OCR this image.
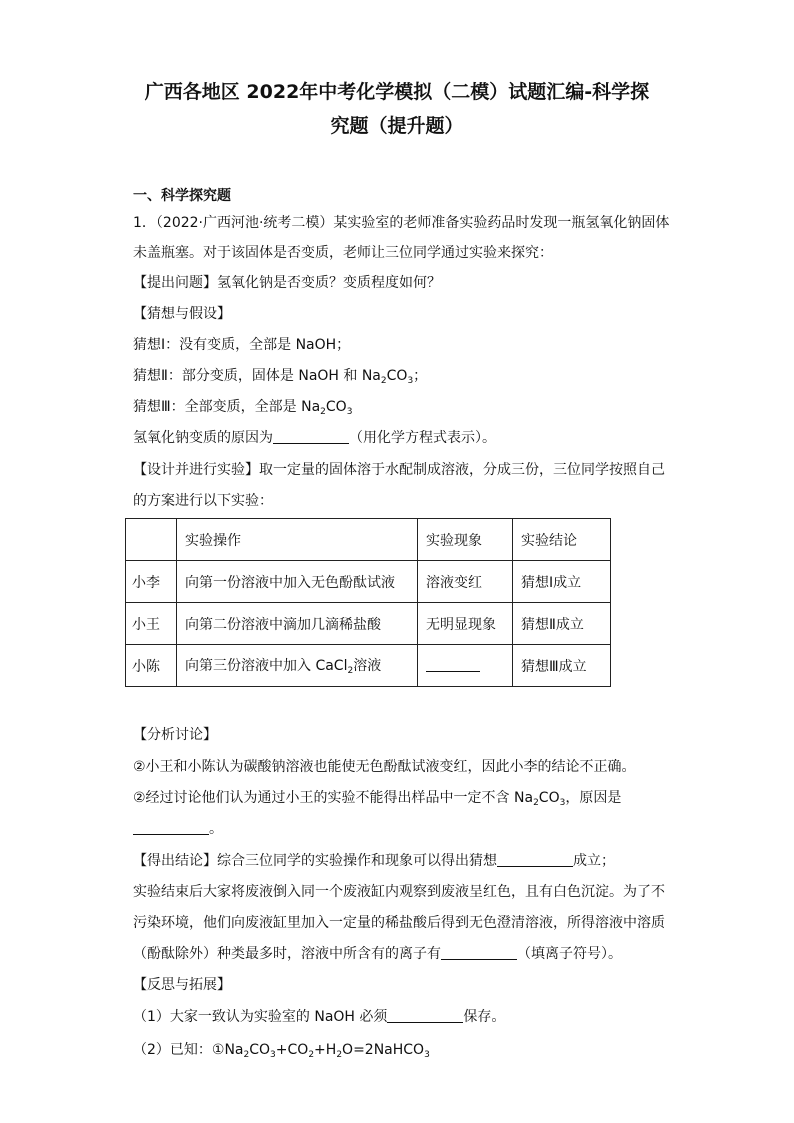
广西各地区 2022年中考化学模拟（二模）试题汇编-科学探
究题（提升题）
一、科学探究题
1．（2022·广西河池·统考二模）某实验室的老师准备实验药品时发现一瓶氢氧化钠固体
未盖瓶塞。对于该固体是否变质，老师让三位同学通过实验来探究：
【提出问题】氢氧化钠是否变质？变质程度如何？
【猜想与假设】
猜想Ⅰ：没有变质，全部是 NaOH；
猜想Ⅱ：部分变质，固体是 NaOH 和 $Na_2CO_3$；
猜想Ⅲ：全部变质，全部是 $Na_2CO_3$
氢氧化钠变质的原因为	（用化学方程式表示）。
【设计并进行实验】取一定量的固体溶于水配制成溶液，分成三份，三位同学按照自己
的方案进行以下实验：
	实验操作	实验现象	实验结论
小李	向第一份溶液中加入无色酚酞试液	溶液变红	猜想Ⅰ成立
小王	向第二份溶液中滴加几滴稀盐酸	无明显现象	猜想Ⅱ成立
小陈	向第三份溶液中加入 CaCl$_2$溶液		猜想Ⅲ成立
【分析讨论】
②小王和小陈认为碳酸钠溶液也能使无色酚酞试液变红，因此小李的结论不正确。
②经过讨论他们认为通过小王的实验不能得出样品中一定不含 $Na_2CO_3$，原因是
。
【得出结论】综合三位同学的实验操作和现象可以得出猜想	成立；
实验结束后大家将废液倒入同一个废液缸内观察到废液呈红色，且有白色沉淀。为了不
污染环境，他们向废液缸里加入一定量的稀盐酸后得到无色澄清溶液，所得溶液中溶质
（酚酞除外）种类最多时，溶液中所含有的离子有	（填离子符号）。
【反思与拓展】
（1）大家一致认为实验室的 NaOH 必须	保存。
（2）已知：$①Na_2CO_3+CO_2+H_2O=2NaHCO_3$
